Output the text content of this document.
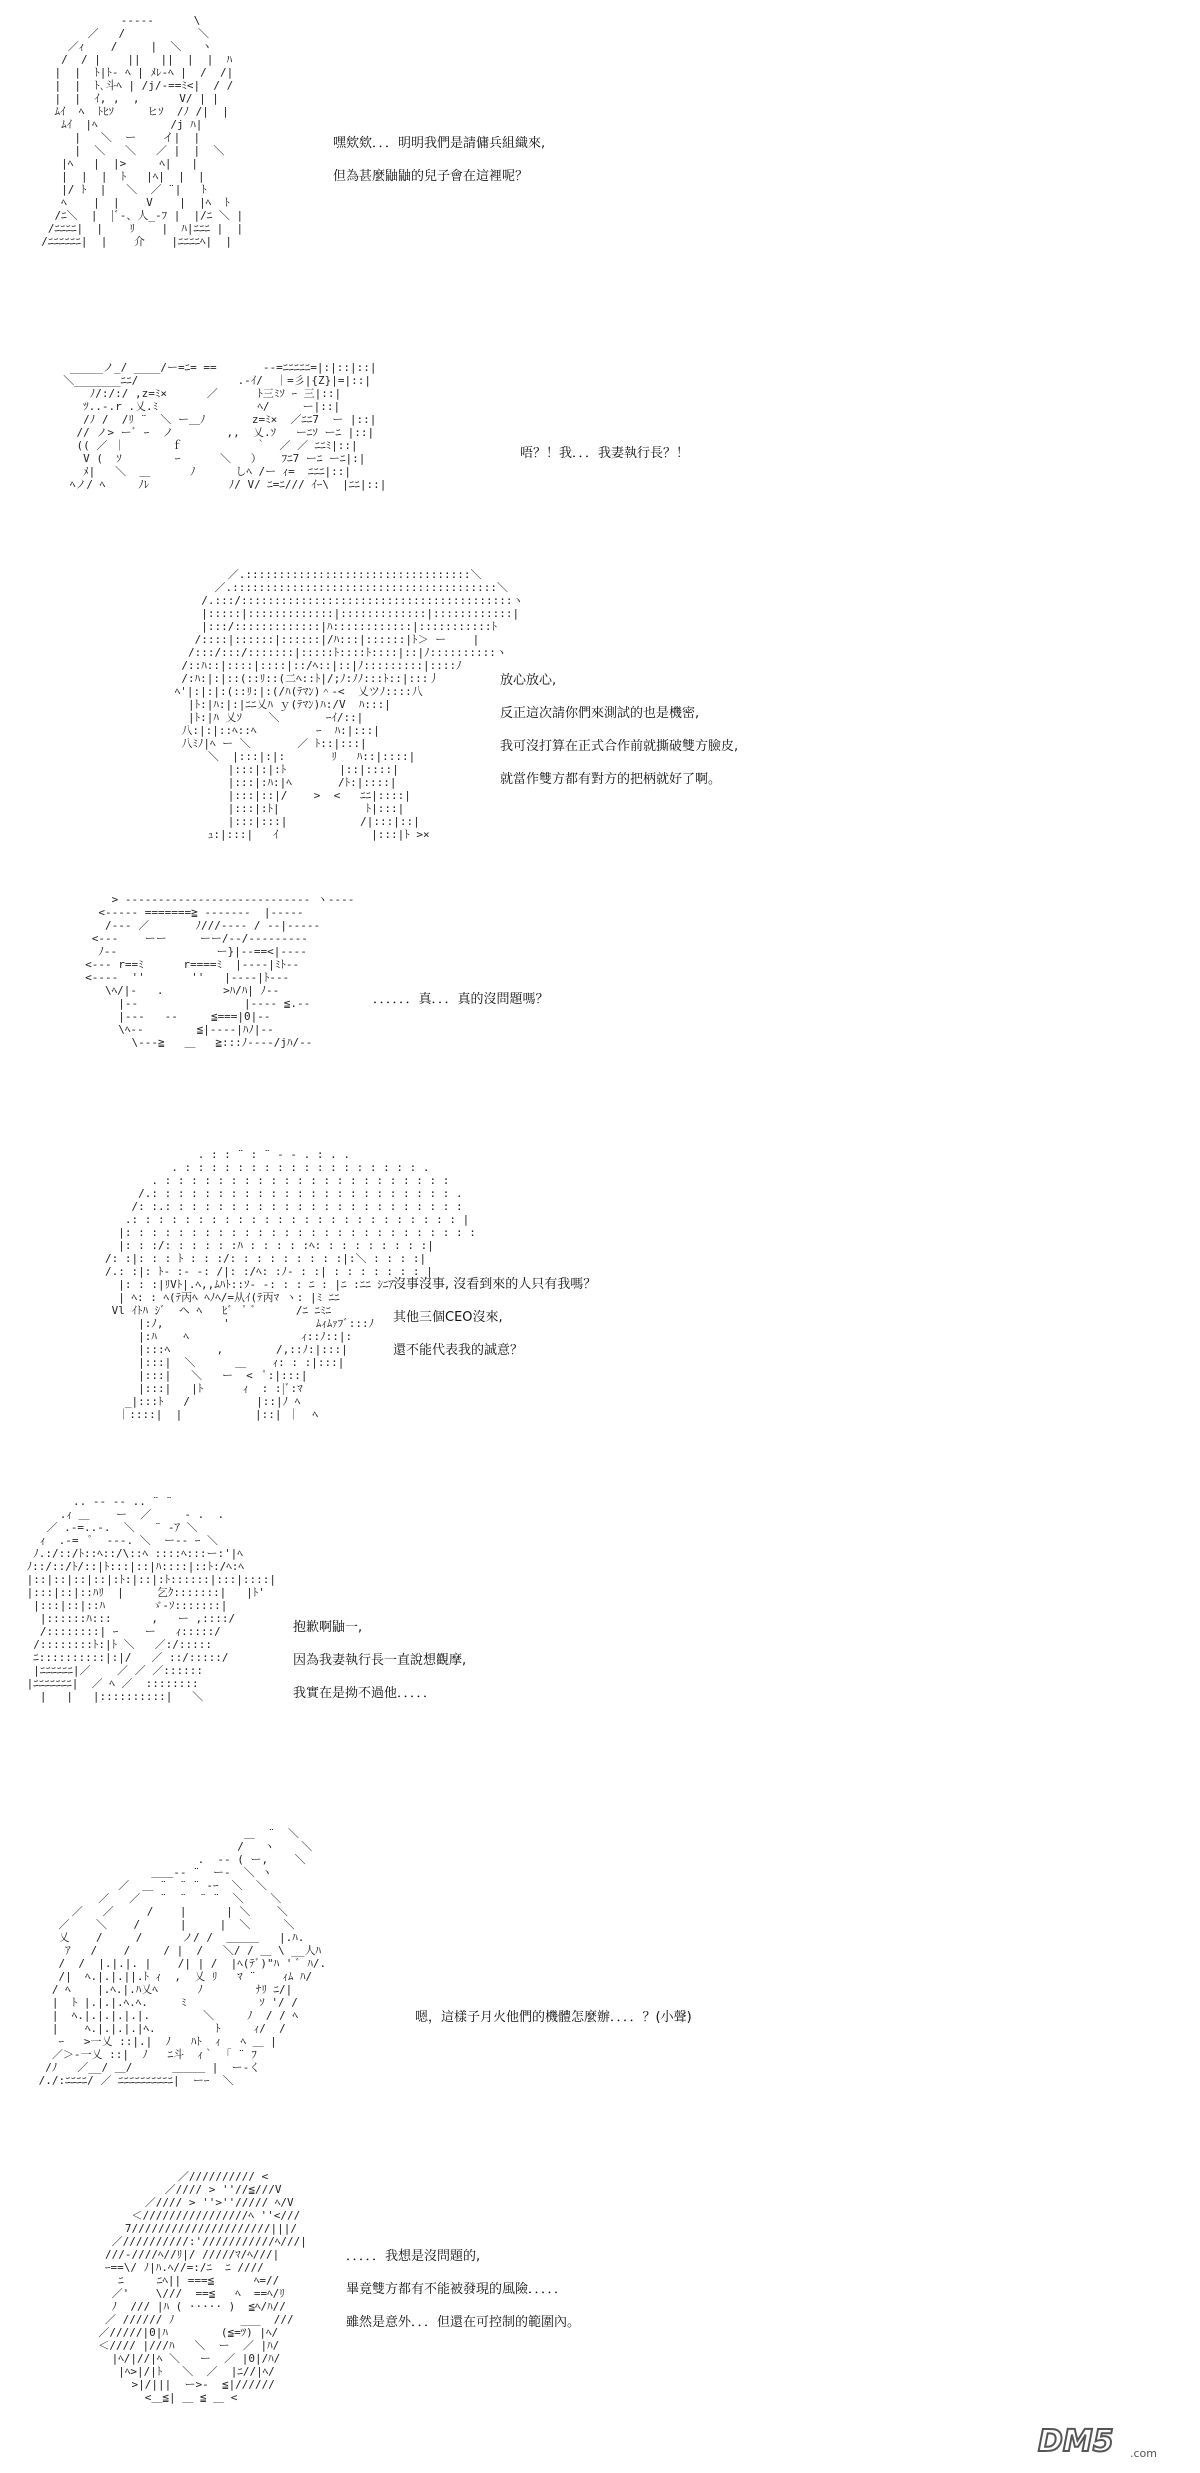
-----      \
／   /           ＼
／ｨ    /     |  ＼   ヽ
/  / |    ||   ||  |  |  ﾊ
|  |  ﾄ|ﾄ- ﾍ | ﾒﾚ-ﾍ |  /  /|
|  |  ﾄ､斗ﾍ | /j/-==ﾐ<|  / /
|  |  ｲ, ,  ,      V/ | |
ﾑｲ  ﾍ  ﾄﾋｿ     ヒｿ  /ﾉ /|  |
ﾑｲ  |ﾍ           /j ﾊ|
|   ＼  ー    イ|  |
|  ＼   ＼   ／ |  |  ＼
|ﾍ   |  |>     ﾍ|   |
|  |  |  ﾄ   |ﾍ|  |  |
|/ ﾄ  |   ＼  ／ ¨|   ﾄ
ﾍ    |  |    V    |  |ﾍ  ﾄ
/ﾆ＼  |  |ﾞ-、人_-ﾌ |  |/ﾆ ＼ |
/ﾆﾆﾆﾆ|  |    ﾘ    |  ﾊ|ﾆﾆﾆ |  |
/ﾆﾆﾆﾆﾆﾆ|  |    介    |ﾆﾆﾆﾆﾍ|  |
嘿欸欸．．．明明我們是請傭兵組織來,
但為甚麼鼬鼬的兒子會在這裡呢？
_____ノ_/ ____/ー=ﾆ= ==       --=ﾆﾆﾆﾆﾆ=|:|::|::|
＼_______ﾆﾆ/               .-ｲ/  ｜=彡|{Z}|=|::|
ﾉ/:/:/ ,z=ﾐ×      ／      ﾄ三ﾐｿ ｰ 三|::|
ﾂ..-.r .乂.ﾐ               ﾍ/     ー|::|
/ﾉ /  /ﾘ ¨  ＼ ー＿ﾉ       z=ﾐ×  ／ﾆﾆ7  ー |::|
// ノ> ーﾞ ｰ  ノ        ,,  乂.ｿ   ーﾆｿ ーﾆ |::|
(( ／ ｜       ｆ           ｀  ／ ／ ﾆﾆﾐ|::|
V (  ｿ        ｰ      ＼   ）   ﾌﾆ7 ーﾆ ーﾆ|:|
ﾒ|   ＼  ＿      ﾉ      しﾍ /ー ｨ=  ﾆﾆﾆ|::|
ﾍノ/ ﾍ     ﾉﾚ            ﾉ/ V/ ﾆ=ﾆ/// ｲｰ\  |ﾆﾆ|::|
唔？！我．．．我妻執行長？！
／.::::::::::::::::::::::::::::::::::＼
／.::::::::::::::::::::::::::::::::::::::::＼
/.:::/:::::::::::::::::::::::::::::::::::::::::ヽ
|:::::|:::::::::::::|:::::::::::::|::::::::::::|
|:::/:::::::::::::|ﾊ::::::::::::|:::::::::::ﾄ
/::::|::::::|::::::|/ﾊ:::|::::::|ﾄ＞ ー    |
/:::/:::/:::::::|:::::ﾄ::::ﾄ::::|::|ﾉ::::::::::ヽ
/::ﾊ::|::::|::::|::/ﾍ::|::|ﾉ:::::::::|::::ﾉ
/:ﾊ:|:|::(::ﾘ::(二ﾍ::ﾄ|/;ﾉ:ﾉﾉ:::ﾄ::|:::丿
ﾍ'|:|:|:(::ﾘ:|:(/ﾊ(ﾃﾏﾝ)＾-<  乂ツﾉ::::八
|ﾄ:|ﾊ:|:|ﾆﾆ乂ﾊ ｙ(ﾃﾏﾝ)ﾊ:/V  ﾊ:::|
|ﾄ:|ﾊ 乂ｿ    ＼       ｰｲ/::|
八:|:|::ﾍ::ﾍ         ｰ  ﾊ:|:::|
八ﾐﾉ|ﾍ ー ＼       ／ ﾄ::|:::|
＼  |:::|:|:       ﾘ   ﾊ::|::::|
|:::|:|:ﾄ        |::|::::|
|:::|:ﾊ:|ﾍ       /ﾄ:|::::|
|:::|::|/    >  <   ﾆﾆ|::::|
|:::|:ﾄ|             ﾄ|:::|
|:::|:::|           /|:::|::|
ｭ:|:::|   ｲ              |:::|ﾄ >×
放心放心,
反正這次請你們來測試的也是機密,
我可沒打算在正式合作前就撕破雙方臉皮,
就當作雙方都有對方的把柄就好了啊。
> ---------------------------- ヽ----
<----- =======≧ -------  |-----
/--- ／       ﾉ///---- / --|-----
<---    ーー     ーー/--/---------
ﾉ--               ー}|--==<|----
<--- r==ﾐ      r====ﾐ  |----|ﾐﾄ--
<----  ''       ''   |----|ﾄ---
\ﾍ/|-   .         >ﾊ/ﾊ| ﾉ--
|--                |---- ≦.--
|---   ‐‐     ≦===|0|--
\ﾍ--        ≦|----|ﾊﾉ|--
\---≧   ＿   ≧:::ﾉ----/jﾊ/--
．．．．．．真．．．真的沒問題嗎？
. : : ¨ : ¨ ‐ ‐ . : . .
. : : : : : : : : : : : : : : : : : : .
. : : : : : : : : : : : : : : : : : : : : : :
/.: : : : : : : : : : : : : : : : : : : : : : : .
/: :.: : : : : : : : : : : : : : : : : : : : : : :
.: : : : : : : : : : : : : : : : : : : : : : : : : |
|: : : : : : : : : : : : : : : : : : : : : : : : : : :
|: : :/: : : : : :ﾊ : : : : :ﾍ: : : : : : : : :|
/: :|: : : ﾄ : : :/: : : : : : : : :|:＼ : : : :|
/.: :|: ﾄ- :- -: /|: :/ﾍ: :ﾉ- : :| : : : : : : : |
|: : :|ﾘVﾄ|.ﾍ,,ﾑﾊﾄ::ｿ- -: : : ﾆ : |ﾆ :ﾆﾆ ｼﾆｱ
| ﾍ: : ﾍ(ﾃ丙ﾍ ﾍﾉﾍ/=从ｲ(ﾃ丙ﾏ ヽ: |ﾐ ﾆﾆ
Vl ｲﾄﾊ ｼﾞ  ヘ ﾍ   ﾋﾞ  ﾟ ﾞ      /ﾆ ﾆﾐﾆ
|:ﾉ,         '             ﾑｨﾑｧﾌﾞ:::ﾉ
|:ﾊ    ﾍ                 ｨ::ﾉ::|:
|:::ﾍ       ,        /,::ﾉ:|:::|
|:::|  ＼      ＿    ｨ: : :|:::|
|:::|   ＼   ー  <  ﾟ:|:::|
|:::|   |ﾄ      ｨ  : :|ﾞ:ﾏ
_|:::ﾄ   /          |::|ﾉ ﾍ
｜::::|  |           |::| ｜  ﾍ
沒事沒事, 沒看到來的人只有我嗎？
其他三個CEO沒來,
還不能代表我的誠意？
.. -- ‐- .. ¨ ¨
.ｨ ＿    ー  ／     - .  .
／ .-=..-.  ＼   ¨ -ｱ ＼
ｨ  .-=  ﾟ  ---. ＼  ー-- ｰ ＼
ﾉ.:/::/ﾄ::ﾍ::/\::ﾍ ::::ﾍ:::ー:'|ﾍ
ﾉ::/::/ﾄ/::|ﾄ:::|::|ﾊ::::|::ﾄ:/ﾍ:ﾍ
|::|::|::|::|:ﾄ:|::|:ﾄ::::::|:::|::::|
|:::|::|::ﾊﾘ  |     乞ｸ:::::::|   |ﾄ'
|:::|::|::ﾊ       ゞ-ｿ:::::::|
|::::::ﾊ:::      ,   ー ,::::/
/::::::::| ｰ    ー   ｨ:::::/
/::::::::ﾄ:|ﾄ ＼   ／:/:::::
ﾆ::::::::::|:|/   ／ ::/:::::/
|ﾆﾆﾆﾆﾆﾆ|／    ／ ／ ／::::::
|ﾆﾆﾆﾆﾆﾆﾆ|  ／ ﾍ ／  ::::::::
|   |   |::::::::::|   ＼
抱歉啊鼬一,
因為我妻執行長一直說想觀摩,
我實在是拗不過他．．．．．
＿  ¨  ＼
/   ヽ    ＼
.  -- ( ー,    ＼
＿＿-- ¨  ー-  ＼ ヽ
／  ＿ ¨  ¨ ¨ -ｰ  ＼  ＼
／   ／   ¨  ¨  ¨ ¨  ＼    ＼
／   ／     /    |      | ＼    ＼
／    ＼    /      |     |  ＼     ＼
乂    /     /      ノ/ /  ＿＿＿   |.ﾊ.
ｱ   /    /     / |  /   ＼/ / ＿ \ __人ﾊ
/  /  |.|.|. |    /| | /  |ﾍ(ﾃﾞ)"ﾊ ' ﾞ ﾊ/.
/|  ﾍ.|.|.||.ﾄ ｨ  ,  乂 ﾘ   ﾏ ¨    ｨﾑ ﾊ/
/ ﾍ    |.ﾍ.|.ﾊ乂ﾍ      ﾉ        ﾅﾘ ﾆ/|
|  ﾄ |.|.|.ﾍ.ﾍ.     ﾐ           ｿ '/ /
|  ﾍ.|.|.|.|.|.        ＼     ﾉ  / / ﾍ
|    ﾍ.|.|.|.|ﾍ.         ﾄ     ｨ/  /
ｰ   >一乂 ::|.|  ﾉ   ﾊﾄ  ｨ   ﾍ ＿ |
／＞-一乂 ::|  ﾉ   ﾆ斗  ｨ｀ 「 ¨ ﾌ
/ﾉ   ／__/ ＿/      ＿＿＿ |  ー-く
/./:ﾆﾆﾆﾆ/ ／ ﾆﾆﾆﾆﾆﾆﾆﾆﾆﾆ|  ーｰ  ＼
嗯，這樣子月火他們的機體怎麼辦．．．．？(小聲)
／////////// <
／//// > ''//≦///V
／//// > ''>''///// ﾍ/V
＜////////////////ﾍ ''<///
7/////////////////////|||/
／//////////:'///////////ﾍ///|
///-////ﾍ//ﾘ|/ /////ﾏ/ﾍ///|
ｰ==\/ ﾉ|ﾊ.ﾍ//=:/ﾆ  ﾆ ////
ﾆ     ﾆﾍ|| ===≦      ﾍ=//
／'    \///  ==≦   ﾍ  ==ﾍ/ﾘ
ﾉ  /// |ﾊ ( ····· )  ≦ﾍ/ﾊ//
／ ////// ﾉ          ___  ///
／/////|0|ﾊ        (≦=ﾂ) |ﾍ/
＜//// |///ﾊ   ＼  ー  ／ |ﾊ/
|ﾍ/|//|ﾍ ＼   ー  ／ |0|/ﾊ/
|ﾍ>|/|ﾄ   ＼  ／  |ﾆ//|ﾍ/
>|/|||  ー>-  ≦|//////
<＿≦| ＿ ≦ ＿ <
．．．．．我想是沒問題的,
畢竟雙方都有不能被發現的風險．．．．．
雖然是意外．．．但還在可控制的範圍內。
DM5 .com
